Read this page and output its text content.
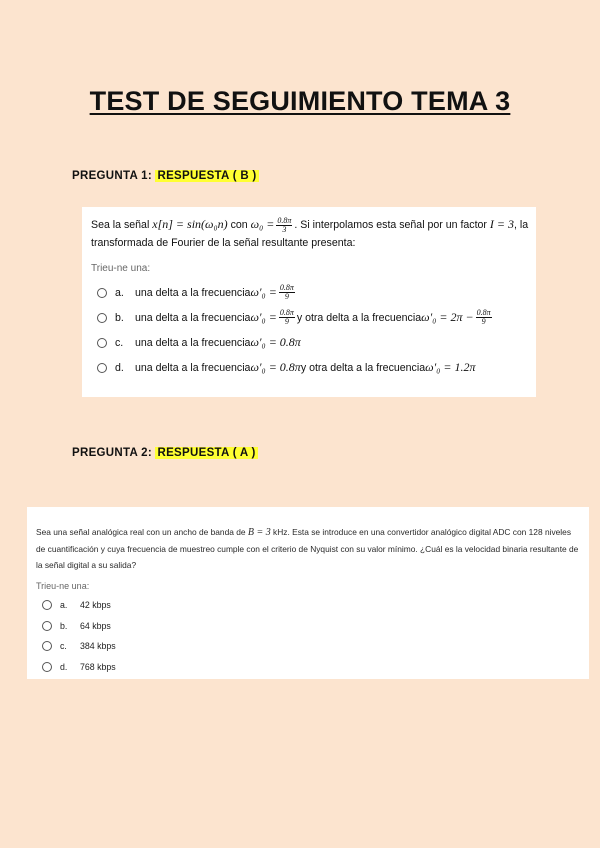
TEST DE SEGUIMIENTO TEMA 3
PREGUNTA 1: RESPUESTA ( B )
Sea la señal x[n] = sin(ω₀n) con $\omega_0 = \frac{0.8\pi}{3}$ . Si interpolamos esta señal por un factor I = 3, la transformada de Fourier de la señal resultante presenta:
Trieu-ne una:
a.	una delta a la frecuencia $\omega'_0 = \frac{0.8\pi}{9}$
b.	una delta a la frecuencia $\omega'_0 = \frac{0.8\pi}{9}$ y otra delta a la frecuencia $\omega'_0 = 2\pi - \frac{0.8\pi}{9}$
c.	una delta a la frecuencia ω′₀ = 0.8π
d.	una delta a la frecuencia ω′₀ = 0.8π y otra delta a la frecuencia ω′₀ = 1.2π
PREGUNTA 2: RESPUESTA ( A )
Sea una señal analógica real con un ancho de banda de B = 3 kHz. Esta se introduce en una convertidor analógico digital ADC con 128 niveles de cuantificación y cuya frecuencia de muestreo cumple con el criterio de Nyquist con su valor mínimo. ¿Cuál es la velocidad binaria resultante de la señal digital a su salida?
Trieu-ne una:
a.	42 kbps
b.	64 kbps
c.	384 kbps
d.	768 kbps
